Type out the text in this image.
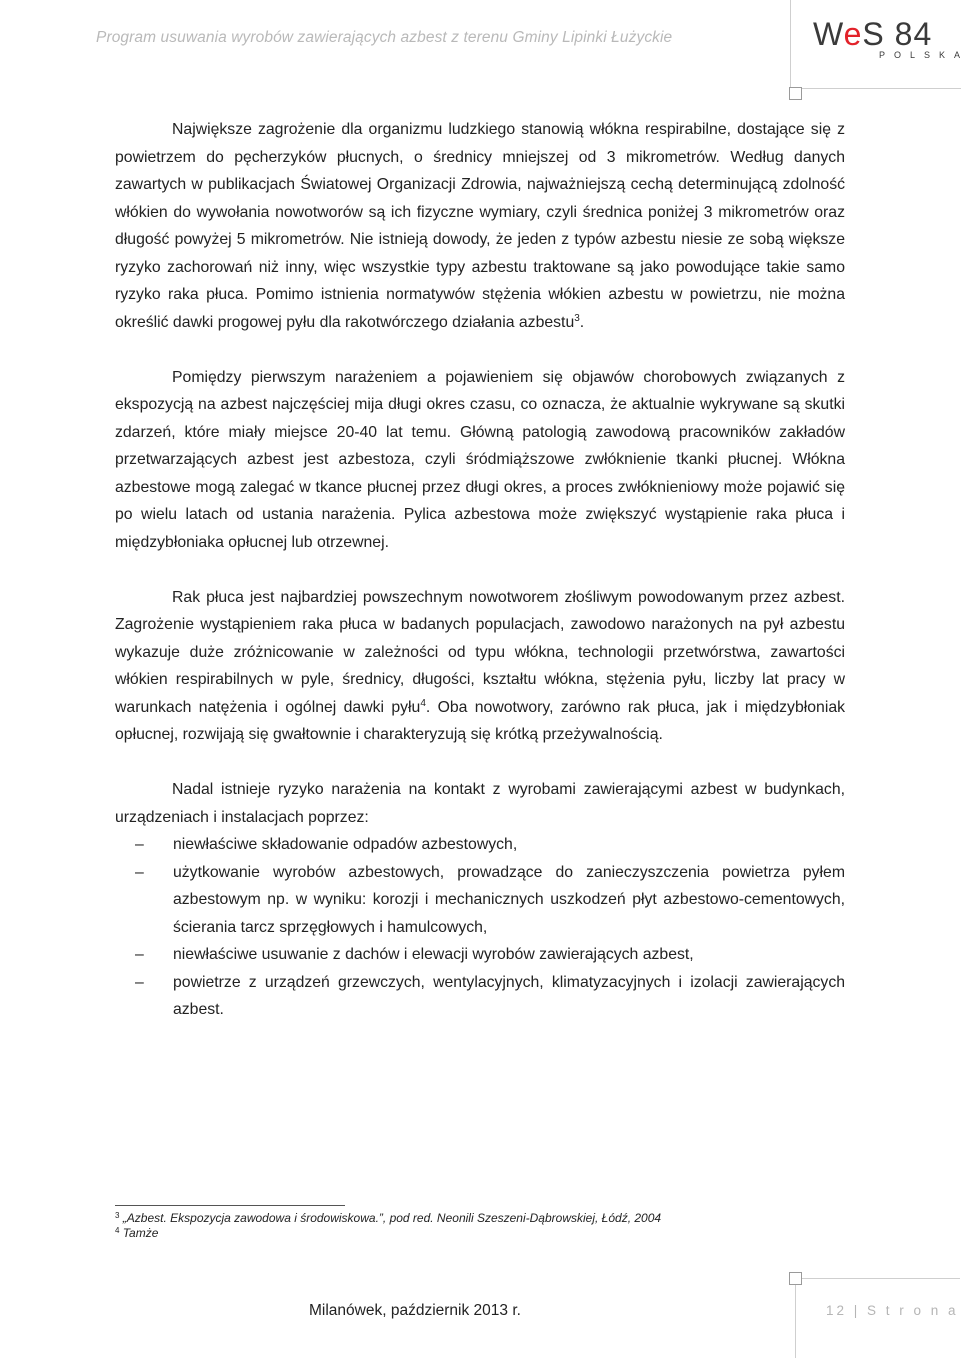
Program usuwania wyrobów zawierających azbest z terenu Gminy Lipinki Łużyckie	WeS 84
POLSKA

Największe zagrożenie dla organizmu ludzkiego stanowią włókna respirabilne, dostające się z powietrzem do pęcherzyków płucnych, o średnicy mniejszej od 3 mikrometrów. Według danych zawartych w publikacjach Światowej Organizacji Zdrowia, najważniejszą cechą determinującą zdolność włókien do wywołania nowotworów są ich fizyczne wymiary, czyli średnica poniżej 3 mikrometrów oraz długość powyżej 5 mikrometrów. Nie istnieją dowody, że jeden z typów azbestu niesie ze sobą większe ryzyko zachorowań niż inny, więc wszystkie typy azbestu traktowane są jako powodujące takie samo ryzyko raka płuca. Pomimo istnienia normatywów stężenia włókien azbestu w powietrzu, nie można określić dawki progowej pyłu dla rakotwórczego działania azbestu$^3$.

Pomiędzy pierwszym narażeniem a pojawieniem się objawów chorobowych związanych z ekspozycją na azbest najczęściej mija długi okres czasu, co oznacza, że aktualnie wykrywane są skutki zdarzeń, które miały miejsce 20-40 lat temu. Główną patologią zawodową pracowników zakładów przetwarzających azbest jest azbestoza, czyli śródmiąższowe zwłóknienie tkanki płucnej. Włókna azbestowe mogą zalegać w tkance płucnej przez długi okres, a proces zwłóknieniowy może pojawić się po wielu latach od ustania narażenia. Pylica azbestowa może zwiększyć wystąpienie raka płuca i międzybłoniaka opłucnej lub otrzewnej.

Rak płuca jest najbardziej powszechnym nowotworem złośliwym powodowanym przez azbest. Zagrożenie wystąpieniem raka płuca w badanych populacjach, zawodowo narażonych na pył azbestu wykazuje duże zróżnicowanie w zależności od typu włókna, technologii przetwórstwa, zawartości włókien respirabilnych w pyle, średnicy, długości, kształtu włókna, stężenia pyłu, liczby lat pracy w warunkach natężenia i ogólnej dawki pyłu$^4$. Oba nowotwory, zarówno rak płuca, jak i międzybłoniak opłucnej, rozwijają się gwałtownie i charakteryzują się krótką przeżywalnością.

Nadal istnieje ryzyko narażenia na kontakt z wyrobami zawierającymi azbest w budynkach, urządzeniach i instalacjach poprzez:

– niewłaściwe składowanie odpadów azbestowych,
– użytkowanie wyrobów azbestowych, prowadzące do zanieczyszczenia powietrza pyłem azbestowym np. w wyniku: korozji i mechanicznych uszkodzeń płyt azbestowo-cementowych, ścierania tarcz sprzęgłowych i hamulcowych,
– niewłaściwe usuwanie z dachów i elewacji wyrobów zawierających azbest,
– powietrze z urządzeń grzewczych, wentylacyjnych, klimatyzacyjnych i izolacji zawierających azbest.
$^3$ „Azbest. Ekspozycja zawodowa i środowiskowa.”, pod red. Neonili Szeszeni-Dąbrowskiej, Łódź, 2004
$^4$ Tamże
Milanówek, październik 2013 r.	12 | S t r o n a
